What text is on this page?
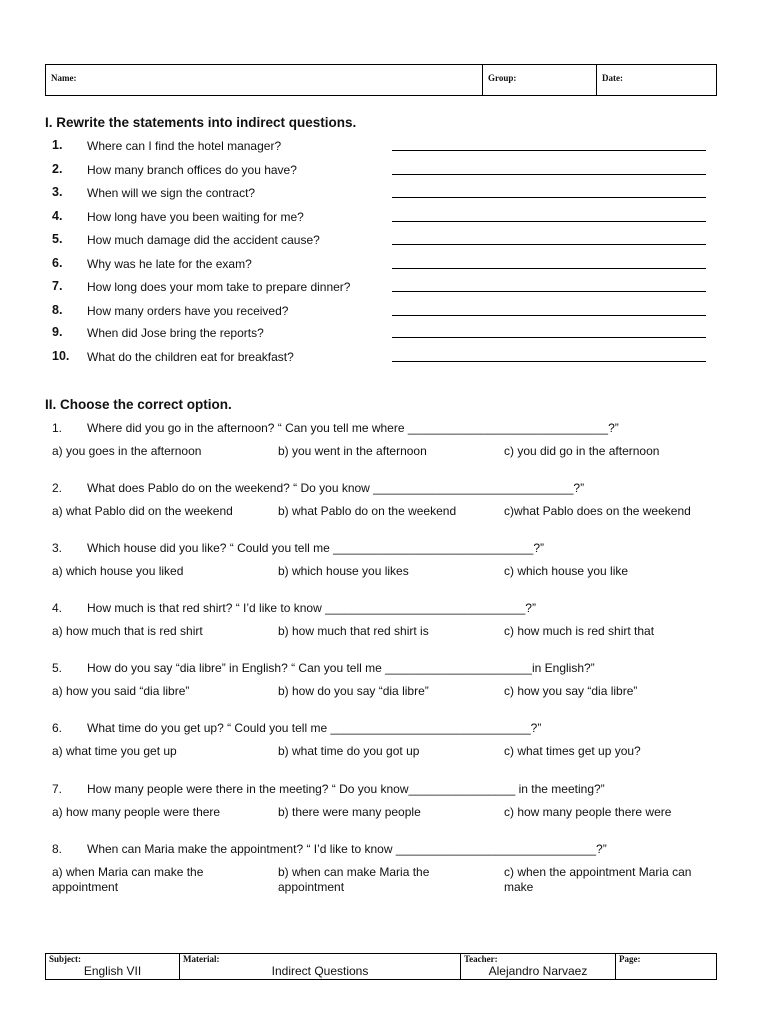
Name:	Group:	Date:
I. Rewrite the statements into indirect questions.
1. Where can I find the hotel manager?
2. How many branch offices do you have?
3. When will we sign the contract?
4. How long have you been waiting for me?
5. How much damage did the accident cause?
6. Why was he late for the exam?
7. How long does your mom take to prepare dinner?
8. How many orders have you received?
9. When did Jose bring the reports?
10. What do the children eat for breakfast?
II. Choose the correct option.
1. Where did you go in the afternoon? “ Can you tell me where ______________________________?”
a) you goes in the afternoon	b) you went in the afternoon	c) you did go in the afternoon
2. What does Pablo do on the weekend? “ Do you know ______________________________?”
a) what Pablo did on the weekend	b) what Pablo do on the weekend	c)what Pablo does on the weekend
3. Which house did you like? “ Could you tell me ______________________________?”
a) which house you liked	b) which house you likes	c) which house you like
4. How much is that red shirt? “ I’d like to know ______________________________?”
a) how much that is red shirt	b) how much that red shirt is	c) how much is red shirt that
5. How do you say “dia libre” in English? “ Can you tell me ______________________in English?”
a) how you said “dia libre”	b) how do you say “dia libre”	c) how you say “dia libre”
6. What time do you get up? “ Could you tell me ______________________________?”
a) what time you get up	b) what time do you got up	c) what times get up you?
7. How many people were there in the meeting? “ Do you know________________ in the meeting?”
a) how many people were there	b) there were many people	c) how many people there were
8. When can Maria make the appointment? “ I’d like to know ______________________________?”
a) when Maria can make the appointment
b) when can make Maria the appointment
c) when the appointment Maria can make
Subject:
English VII
Material:
Indirect Questions
Teacher:
Alejandro Narvaez
Page:
